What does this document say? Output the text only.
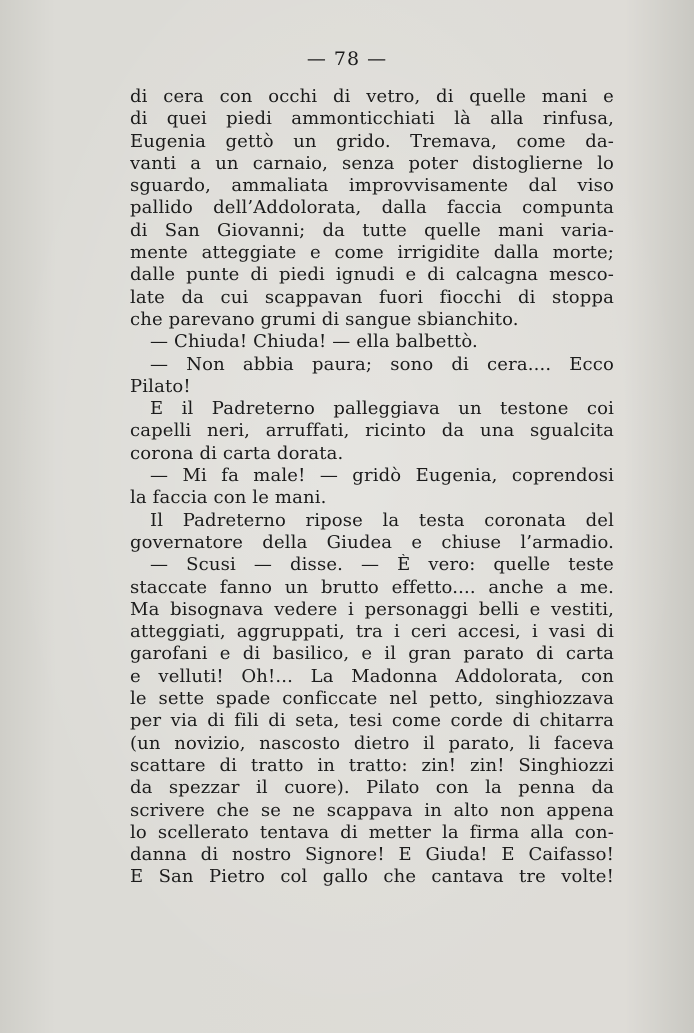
— 78 —
di cera con occhi di vetro, di quelle mani e
di quei piedi ammonticchiati là alla rinfusa,
Eugenia gettò un grido. Tremava, come da-
vanti a un carnaio, senza poter distoglierne lo
sguardo, ammaliata improvvisamente dal viso
pallido dell’Addolorata, dalla faccia compunta
di San Giovanni; da tutte quelle mani varia-
mente atteggiate e come irrigidite dalla morte;
dalle punte di piedi ignudi e di calcagna mesco-
late da cui scappavan fuori fiocchi di stoppa
che parevano grumi di sangue sbianchito.
— Chiuda! Chiuda! — ella balbettò.
— Non abbia paura; sono di cera.... Ecco
Pilato!
E il Padreterno palleggiava un testone coi
capelli neri, arruffati, ricinto da una sgualcita
corona di carta dorata.
— Mi fa male! — gridò Eugenia, coprendosi
la faccia con le mani.
Il Padreterno ripose la testa coronata del
governatore della Giudea e chiuse l’armadio.
— Scusi — disse. — È vero: quelle teste
staccate fanno un brutto effetto.... anche a me.
Ma bisognava vedere i personaggi belli e vestiti,
atteggiati, aggruppati, tra i ceri accesi, i vasi di
garofani e di basilico, e il gran parato di carta
e velluti! Oh!... La Madonna Addolorata, con
le sette spade conficcate nel petto, singhiozzava
per via di fili di seta, tesi come corde di chitarra
(un novizio, nascosto dietro il parato, li faceva
scattare di tratto in tratto: zin! zin! Singhiozzi
da spezzar il cuore). Pilato con la penna da
scrivere che se ne scappava in alto non appena
lo scellerato tentava di metter la firma alla con-
danna di nostro Signore! E Giuda! E Caifasso!
E San Pietro col gallo che cantava tre volte!
